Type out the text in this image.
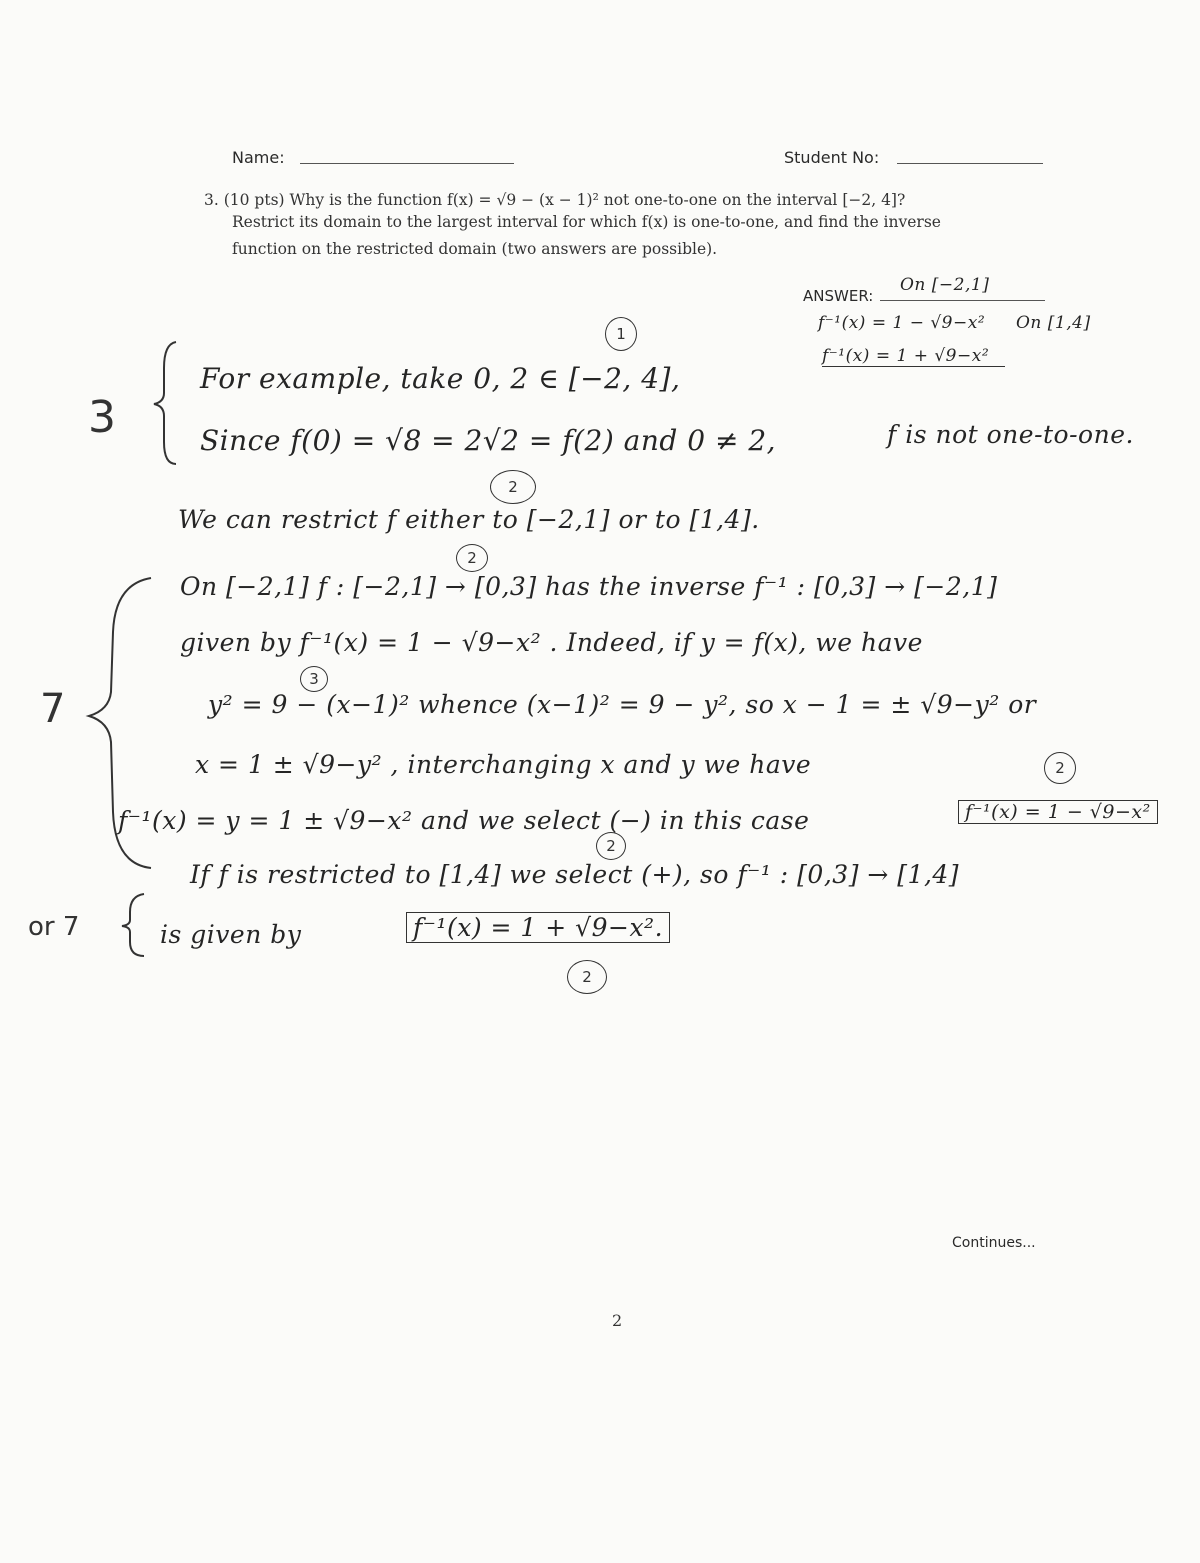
Name:	Student No:
3. (10 pts) Why is the function f(x) = √9 − (x − 1)² not one-to-one on the interval [−2, 4]?
Restrict its domain to the largest interval for which f(x) is one-to-one, and find the inverse
function on the restricted domain (two answers are possible).
ANSWER:
On [−2,1]
f⁻¹(x) = 1 − √9−x² On [1,4]
f⁻¹(x) = 1 + √9−x²
1
2
2
3
2
2
2
3
7
or 7
For example, take 0, 2 ∈ [−2, 4],
Since f(0) = √8 = 2√2 = f(2) and 0 ≠ 2,	f is not one-to-one.
We can restrict f either to [−2,1] or to [1,4].
On [−2,1] f : [−2,1] → [0,3] has the inverse f⁻¹ : [0,3] → [−2,1]
given by f⁻¹(x) = 1 − √9−x² . Indeed, if y = f(x), we have
y² = 9 − (x−1)² whence (x−1)² = 9 − y², so x − 1 = ± √9−y² or
x = 1 ± √9−y² , interchanging x and y we have
f⁻¹(x) = y = 1 ± √9−x² and we select (−) in this case	f⁻¹(x) = 1 − √9−x²
If f is restricted to [1,4] we select (+), so f⁻¹ : [0,3] → [1,4]
is given by	f⁻¹(x) = 1 + √9−x².
Continues...
2
